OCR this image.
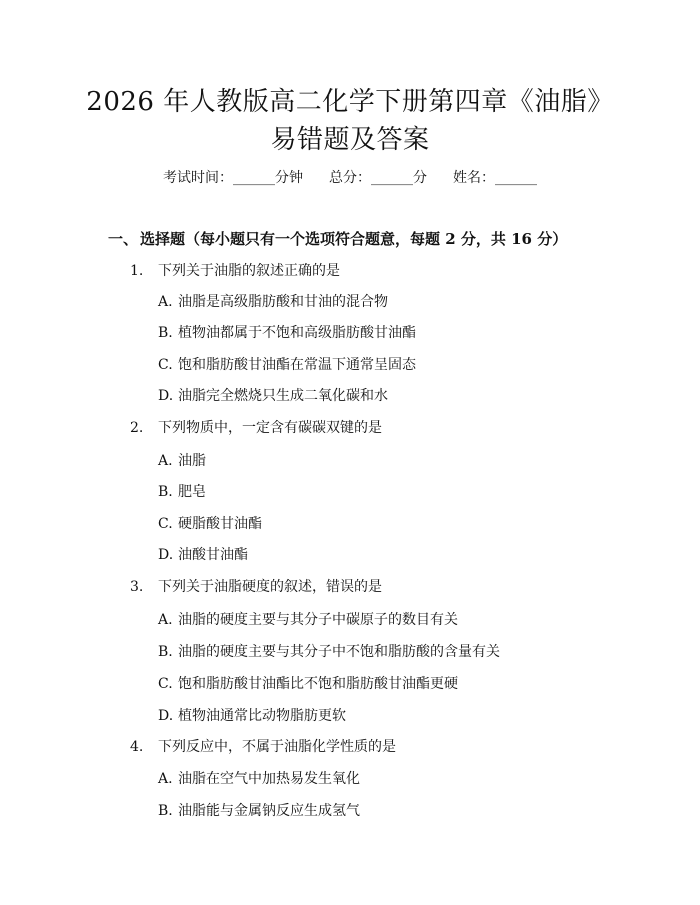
2026 年人教版高二化学下册第四章《油脂》
易错题及答案
考试时间：______分钟 总分：______分 姓名：______
一、 选择题（每小题只有一个选项符合题意，每题 2 分，共 16 分）
1. 下列关于油脂的叙述正确的是
A. 油脂是高级脂肪酸和甘油的混合物
B. 植物油都属于不饱和高级脂肪酸甘油酯
C. 饱和脂肪酸甘油酯在常温下通常呈固态
D. 油脂完全燃烧只生成二氧化碳和水
2. 下列物质中，一定含有碳碳双键的是
A. 油脂
B. 肥皂
C. 硬脂酸甘油酯
D. 油酸甘油酯
3. 下列关于油脂硬度的叙述，错误的是
A. 油脂的硬度主要与其分子中碳原子的数目有关
B. 油脂的硬度主要与其分子中不饱和脂肪酸的含量有关
C. 饱和脂肪酸甘油酯比不饱和脂肪酸甘油酯更硬
D. 植物油通常比动物脂肪更软
4. 下列反应中，不属于油脂化学性质的是
A. 油脂在空气中加热易发生氧化
B. 油脂能与金属钠反应生成氢气
